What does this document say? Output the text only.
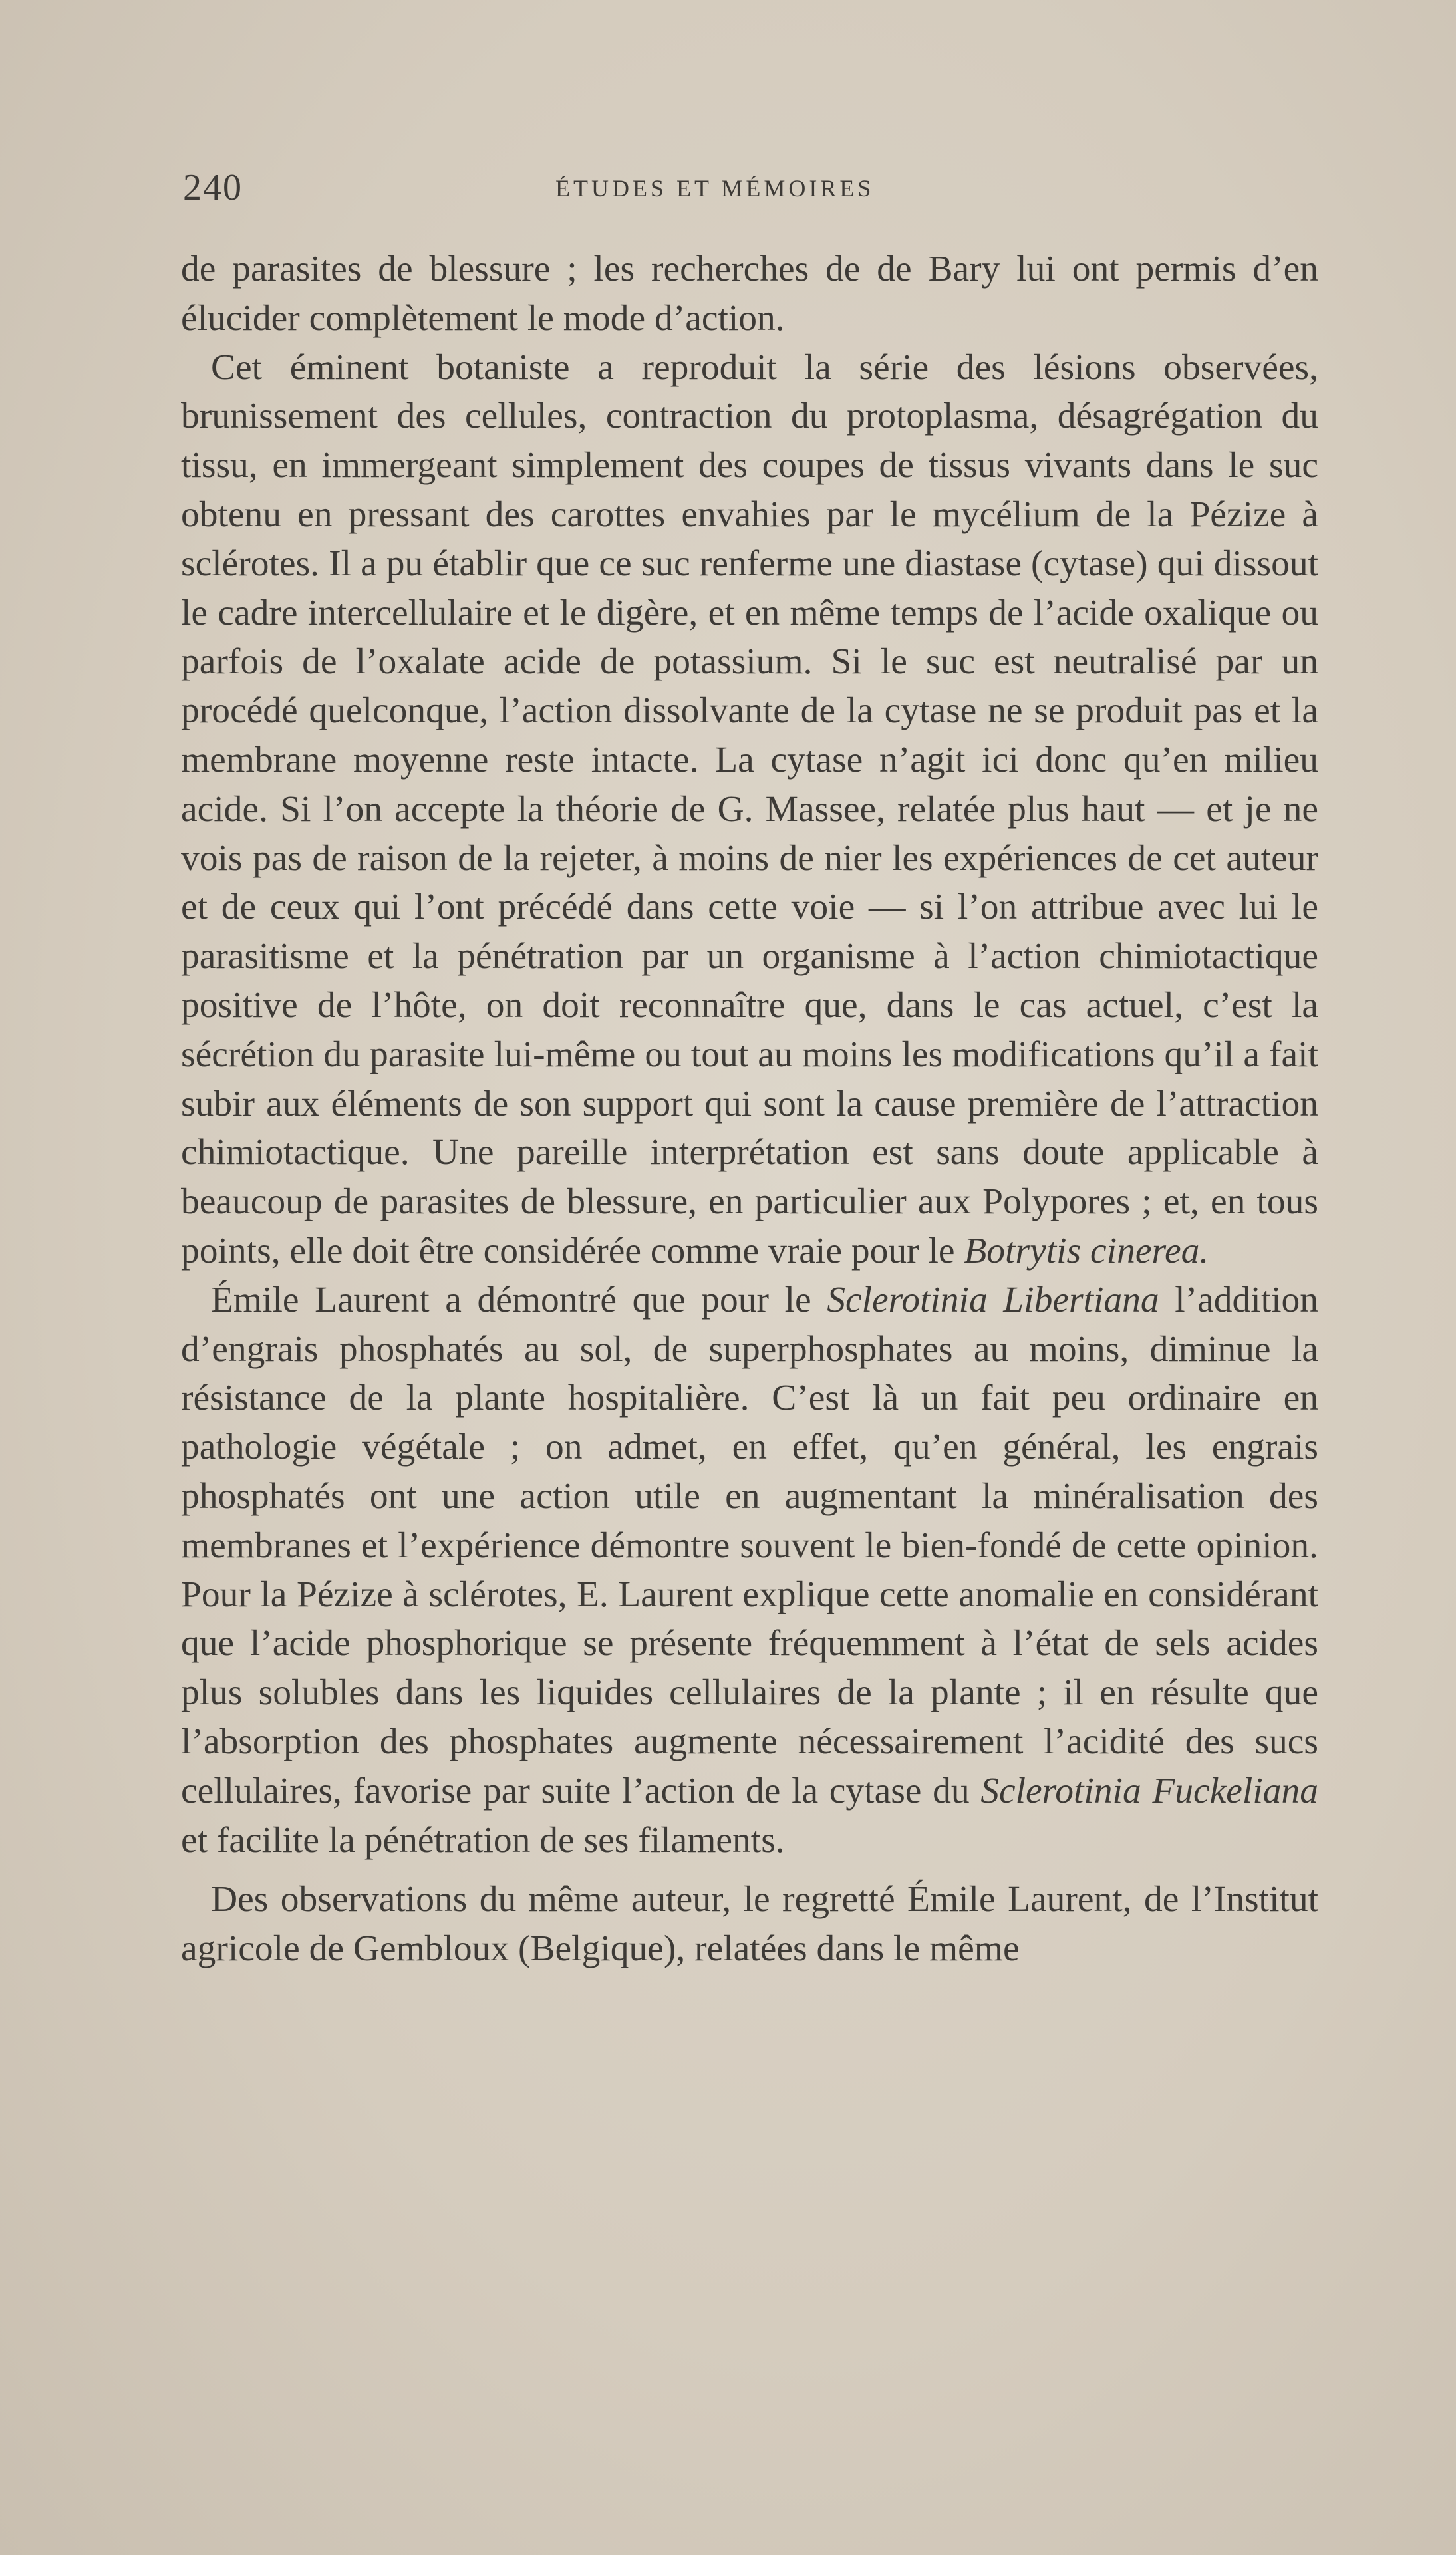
240	ÉTUDES ET MÉMOIRES

de parasites de blessure ; les recherches de de Bary lui ont permis d’en élucider complètement le mode d’action.

Cet éminent botaniste a reproduit la série des lésions observées, brunissement des cellules, contraction du protoplasma, désagrégation du tissu, en immergeant simplement des coupes de tissus vivants dans le suc obtenu en pressant des carottes envahies par le mycélium de la Pézize à sclérotes. Il a pu établir que ce suc renferme une diastase (cytase) qui dissout le cadre intercellulaire et le digère, et en même temps de l’acide oxalique ou parfois de l’oxalate acide de potassium. Si le suc est neutralisé par un procédé quelconque, l’action dissolvante de la cytase ne se produit pas et la membrane moyenne reste intacte. La cytase n’agit ici donc qu’en milieu acide. Si l’on accepte la théorie de G. Massee, relatée plus haut — et je ne vois pas de raison de la rejeter, à moins de nier les expériences de cet auteur et de ceux qui l’ont précédé dans cette voie — si l’on attribue avec lui le parasitisme et la pénétration par un organisme à l’action chimiotactique positive de l’hôte, on doit reconnaître que, dans le cas actuel, c’est la sécrétion du parasite lui-même ou tout au moins les modifications qu’il a fait subir aux éléments de son support qui sont la cause première de l’attraction chimiotactique. Une pareille interprétation est sans doute applicable à beaucoup de parasites de blessure, en particulier aux Polypores ; et, en tous points, elle doit être considérée comme vraie pour le Botrytis cinerea.

Émile Laurent a démontré que pour le Sclerotinia Libertiana l’addition d’engrais phosphatés au sol, de superphosphates au moins, diminue la résistance de la plante hospitalière. C’est là un fait peu ordinaire en pathologie végétale ; on admet, en effet, qu’en général, les engrais phosphatés ont une action utile en augmentant la minéralisation des membranes et l’expérience démontre souvent le bien-fondé de cette opinion. Pour la Pézize à sclérotes, E. Laurent explique cette anomalie en considérant que l’acide phosphorique se présente fréquemment à l’état de sels acides plus solubles dans les liquides cellulaires de la plante ; il en résulte que l’absorption des phosphates augmente nécessairement l’acidité des sucs cellulaires, favorise par suite l’action de la cytase du Sclerotinia Fuckeliana et facilite la pénétration de ses filaments.

Des observations du même auteur, le regretté Émile Laurent, de l’Institut agricole de Gembloux (Belgique), relatées dans le même
